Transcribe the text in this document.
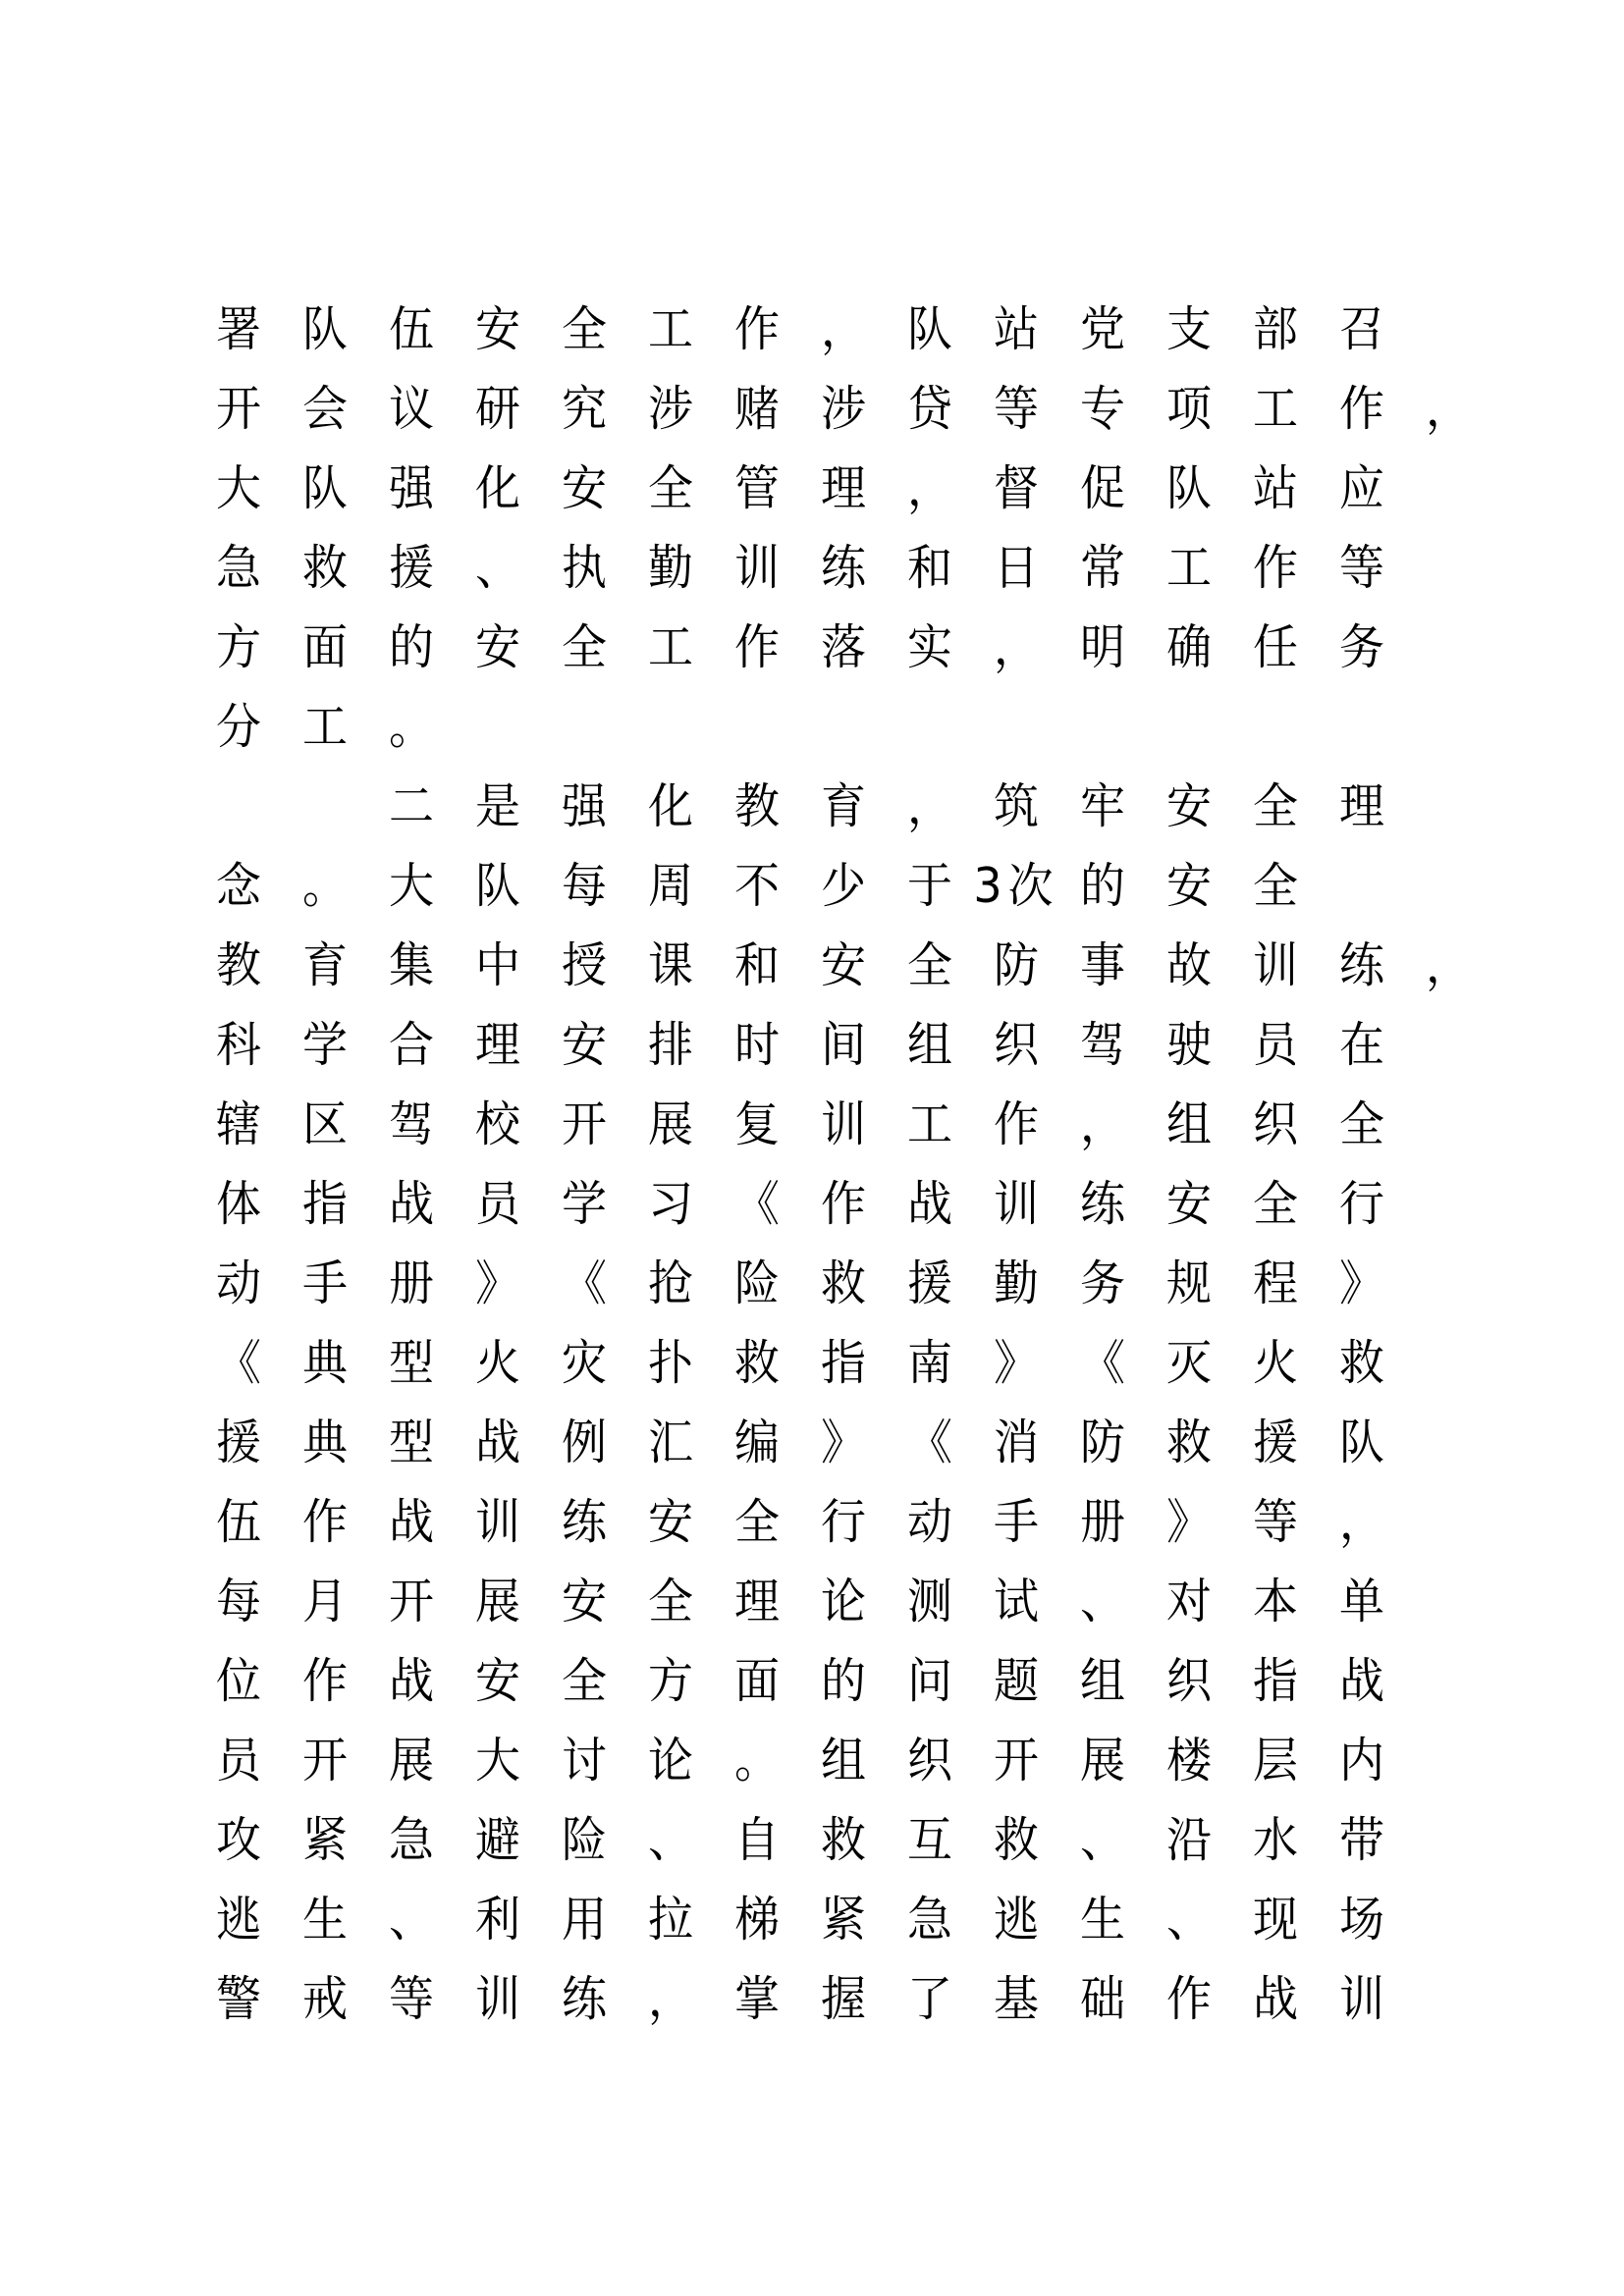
署 队 伍 安 全 工 作 ， 队 站 党 支 部 召
开 会 议 研 究 涉 赌 涉 贷 等 专 项 工 作 ，
大 队 强 化 安 全 管 理 ， 督 促 队 站 应
急 救 援 、 执 勤 训 练 和 日 常 工 作 等
方 面 的 安 全 工 作 落 实 ， 明 确 任 务
分 工 。

二 是 强 化 教 育 ， 筑 牢 安 全 理
念 。 大 队 每 周 不 少 于 3次 的 安 全
教 育 集 中 授 课 和 安 全 防 事 故 训 练 ，
科 学 合 理 安 排 时 间 组 织 驾 驶 员 在
辖 区 驾 校 开 展 复 训 工 作 ， 组 织 全
体 指 战 员 学 习 《 作 战 训 练 安 全 行
动 手 册 》 《 抢 险 救 援 勤 务 规 程 》
《 典 型 火 灾 扑 救 指 南 》 《 灭 火 救
援 典 型 战 例 汇 编 》 《 消 防 救 援 队
伍 作 战 训 练 安 全 行 动 手 册 》 等 ，
每 月 开 展 安 全 理 论 测 试 、 对 本 单
位 作 战 安 全 方 面 的 问 题 组 织 指 战
员 开 展 大 讨 论 。 组 织 开 展 楼 层 内
攻 紧 急 避 险 、 自 救 互 救 、 沿 水 带
逃 生 、 利 用 拉 梯 紧 急 逃 生 、 现 场
警 戒 等 训 练 ， 掌 握 了 基 础 作 战 训
